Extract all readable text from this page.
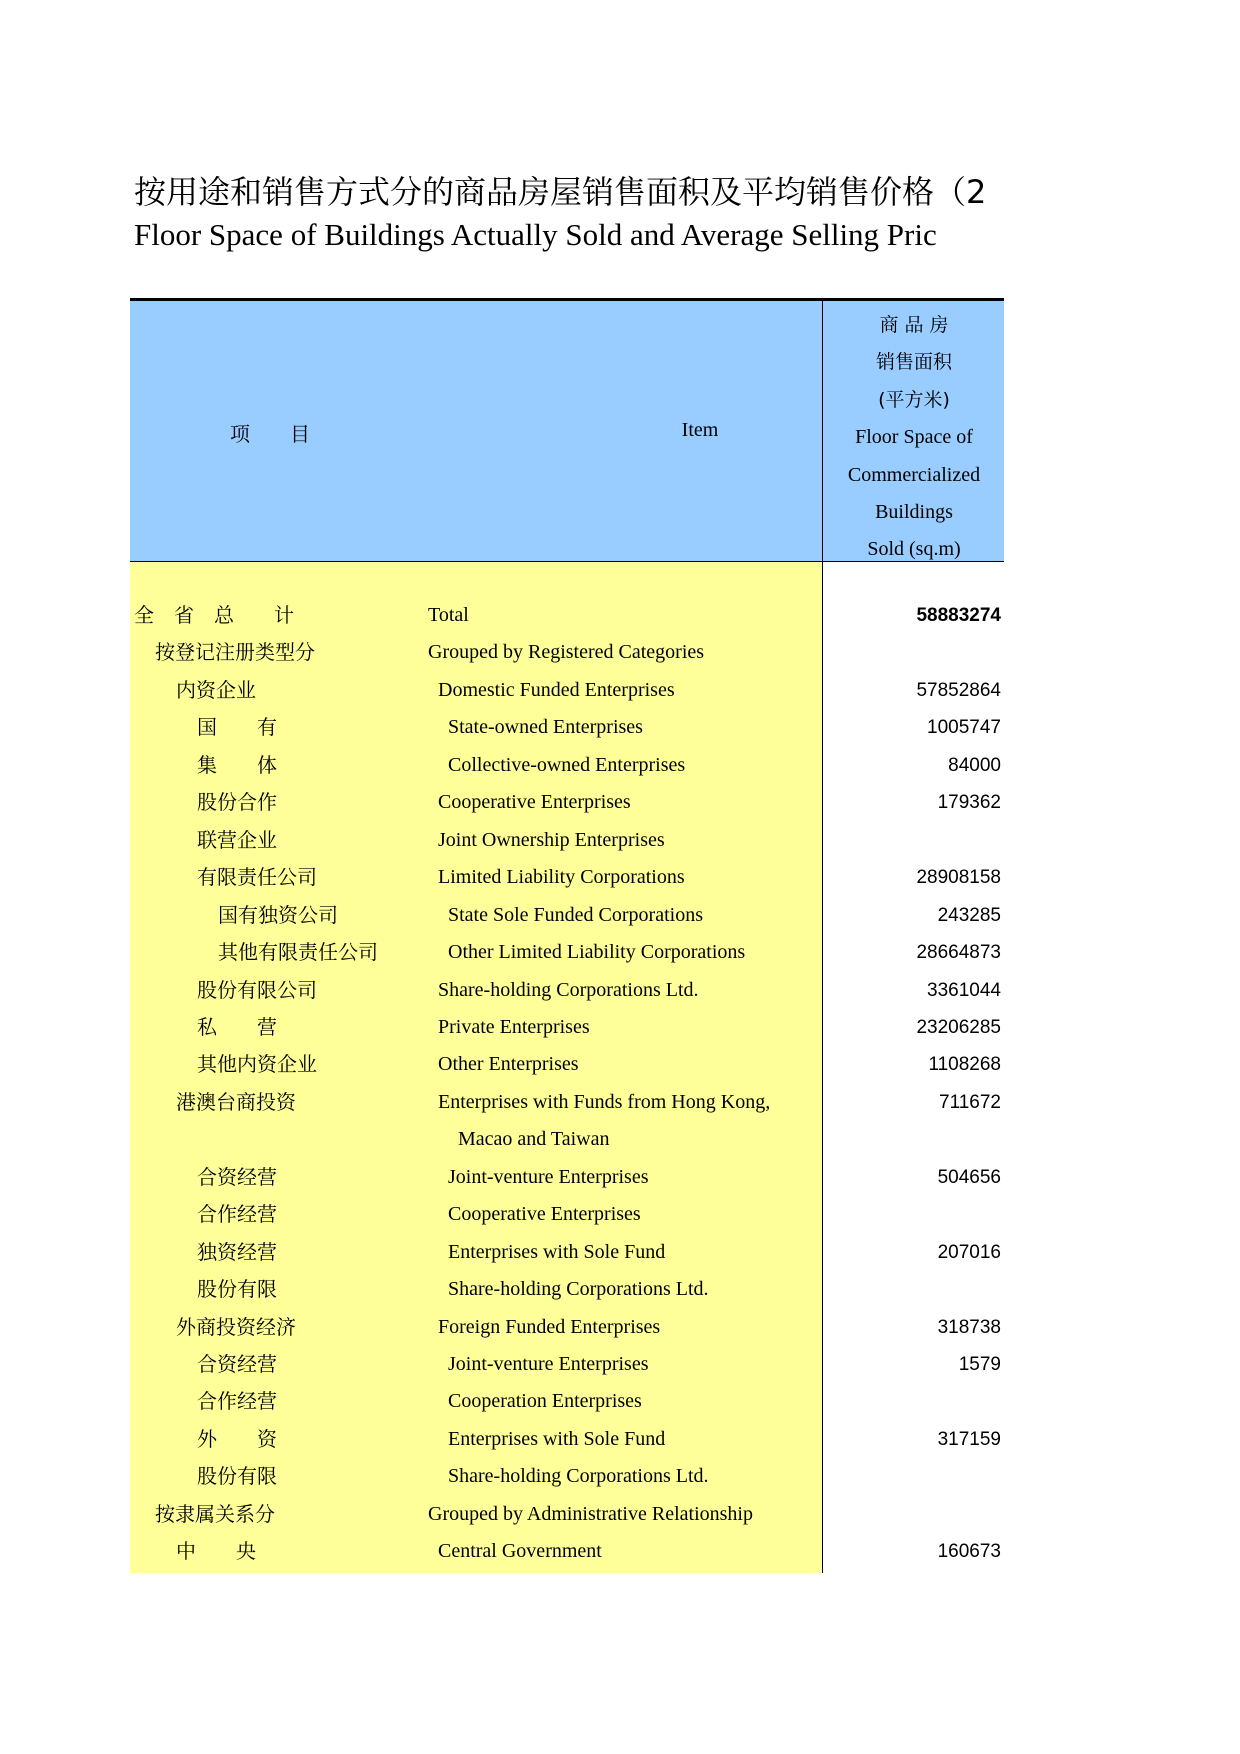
按用途和销售方式分的商品房屋销售面积及平均销售价格（2
Floor Space of Buildings Actually Sold and Average Selling Pric
项目	Item
商 品 房
销售面积
(平方米)
Floor Space of
Commercialized
Buildings
Sold (sq.m)
全　省　总　　计	Total	58883274
按登记注册类型分	Grouped by Registered Categories
内资企业	Domestic Funded Enterprises	57852864
国　　有	State-owned Enterprises	1005747
集　　体	Collective-owned Enterprises	84000
股份合作	Cooperative Enterprises	179362
联营企业	Joint Ownership Enterprises
有限责任公司	Limited Liability Corporations	28908158
国有独资公司	State Sole Funded Corporations	243285
其他有限责任公司	Other Limited Liability Corporations	28664873
股份有限公司	Share-holding Corporations Ltd.	3361044
私　　营	Private Enterprises	23206285
其他内资企业	Other Enterprises	1108268
港澳台商投资	Enterprises with Funds from Hong Kong,	711672
Macao and Taiwan
合资经营	Joint-venture Enterprises	504656
合作经营	Cooperative Enterprises
独资经营	Enterprises with Sole Fund	207016
股份有限	Share-holding Corporations Ltd.
外商投资经济	Foreign Funded Enterprises	318738
合资经营	Joint-venture Enterprises	1579
合作经营	Cooperation Enterprises
外　　资	Enterprises with Sole Fund	317159
股份有限	Share-holding Corporations Ltd.
按隶属关系分	Grouped by Administrative Relationship
中　　央	Central Government	160673
